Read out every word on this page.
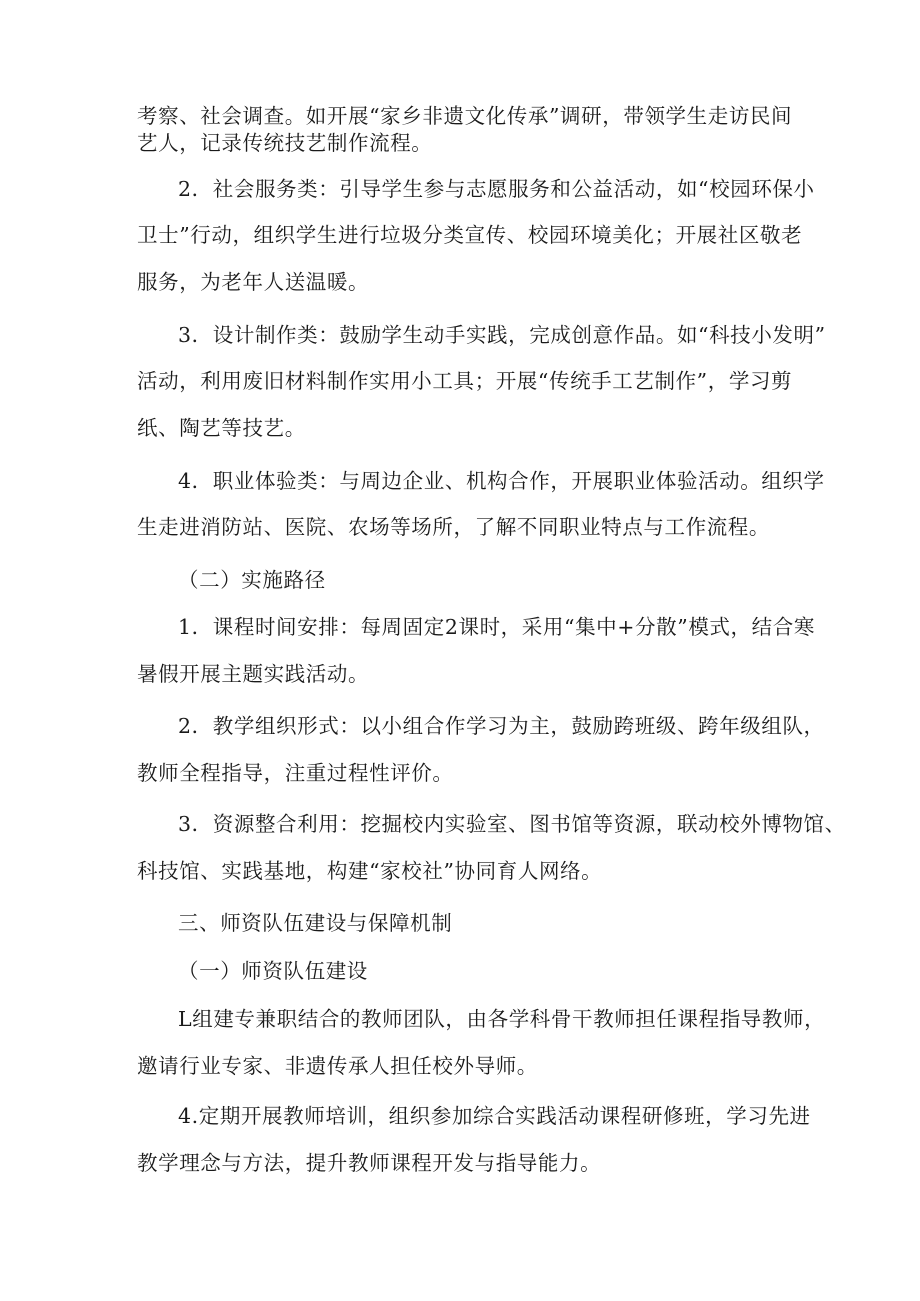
考察、社会调查。如开展“家乡非遗文化传承”调研，带领学生走访民间
艺人，记录传统技艺制作流程。
2．社会服务类：引导学生参与志愿服务和公益活动，如“校园环保小
卫士”行动，组织学生进行垃圾分类宣传、校园环境美化；开展社区敬老
服务，为老年人送温暖。
3．设计制作类：鼓励学生动手实践，完成创意作品。如“科技小发明”
活动，利用废旧材料制作实用小工具；开展“传统手工艺制作”，学习剪
纸、陶艺等技艺。
4．职业体验类：与周边企业、机构合作，开展职业体验活动。组织学
生走进消防站、医院、农场等场所，了解不同职业特点与工作流程。
（二）实施路径
1．课程时间安排：每周固定2课时，采用“集中+分散”模式，结合寒
暑假开展主题实践活动。
2．教学组织形式：以小组合作学习为主，鼓励跨班级、跨年级组队，
教师全程指导，注重过程性评价。
3．资源整合利用：挖掘校内实验室、图书馆等资源，联动校外博物馆、
科技馆、实践基地，构建“家校社”协同育人网络。
三、师资队伍建设与保障机制
（一）师资队伍建设
L组建专兼职结合的教师团队，由各学科骨干教师担任课程指导教师，
邀请行业专家、非遗传承人担任校外导师。
4.定期开展教师培训，组织参加综合实践活动课程研修班，学习先进
教学理念与方法，提升教师课程开发与指导能力。
